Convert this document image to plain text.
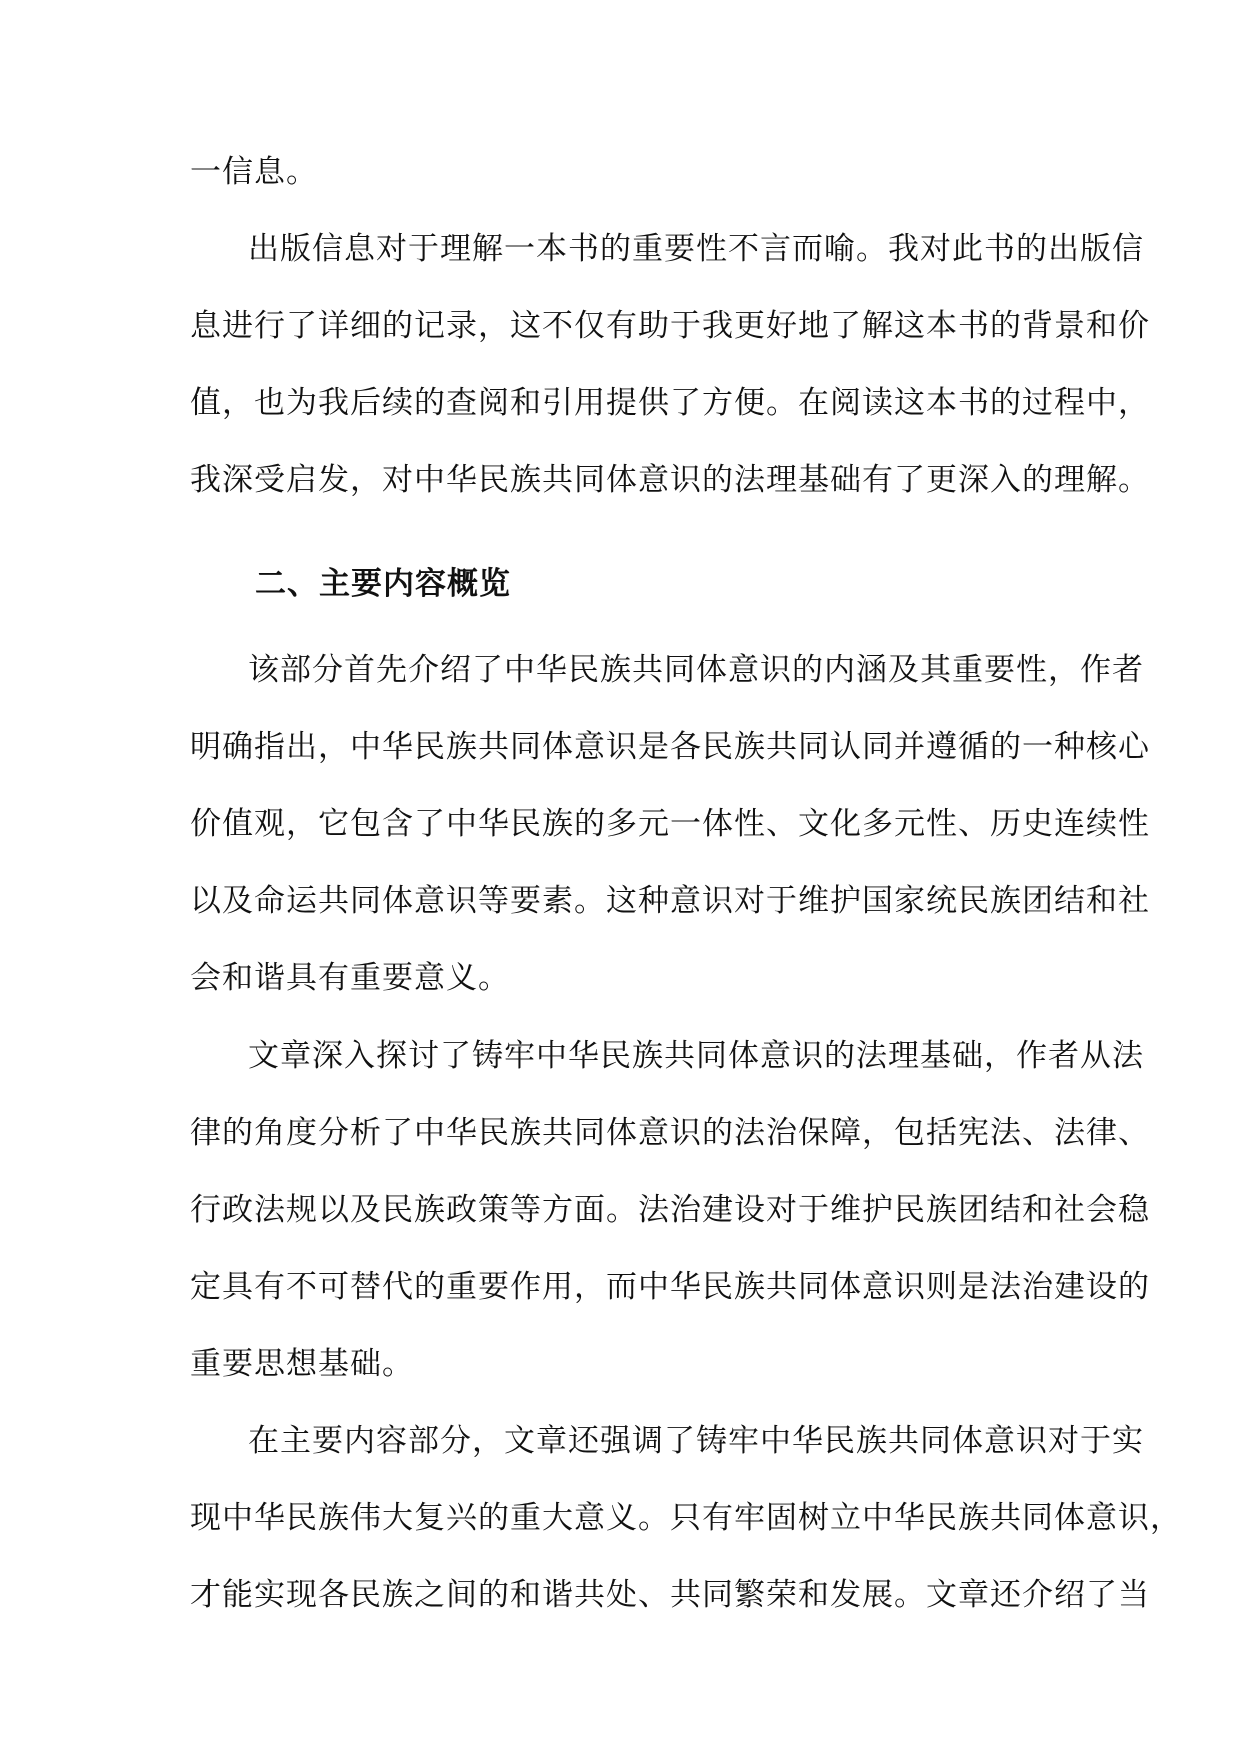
一信息。
出版信息对于理解一本书的重要性不言而喻。我对此书的出版信
息进行了详细的记录，这不仅有助于我更好地了解这本书的背景和价
值，也为我后续的查阅和引用提供了方便。在阅读这本书的过程中，
我深受启发，对中华民族共同体意识的法理基础有了更深入的理解。
二、主要内容概览
该部分首先介绍了中华民族共同体意识的内涵及其重要性，作者
明确指出，中华民族共同体意识是各民族共同认同并遵循的一种核心
价值观，它包含了中华民族的多元一体性、文化多元性、历史连续性
以及命运共同体意识等要素。这种意识对于维护国家统民族团结和社
会和谐具有重要意义。
文章深入探讨了铸牢中华民族共同体意识的法理基础，作者从法
律的角度分析了中华民族共同体意识的法治保障，包括宪法、法律、
行政法规以及民族政策等方面。法治建设对于维护民族团结和社会稳
定具有不可替代的重要作用，而中华民族共同体意识则是法治建设的
重要思想基础。
在主要内容部分，文章还强调了铸牢中华民族共同体意识对于实
现中华民族伟大复兴的重大意义。只有牢固树立中华民族共同体意识，
才能实现各民族之间的和谐共处、共同繁荣和发展。文章还介绍了当
